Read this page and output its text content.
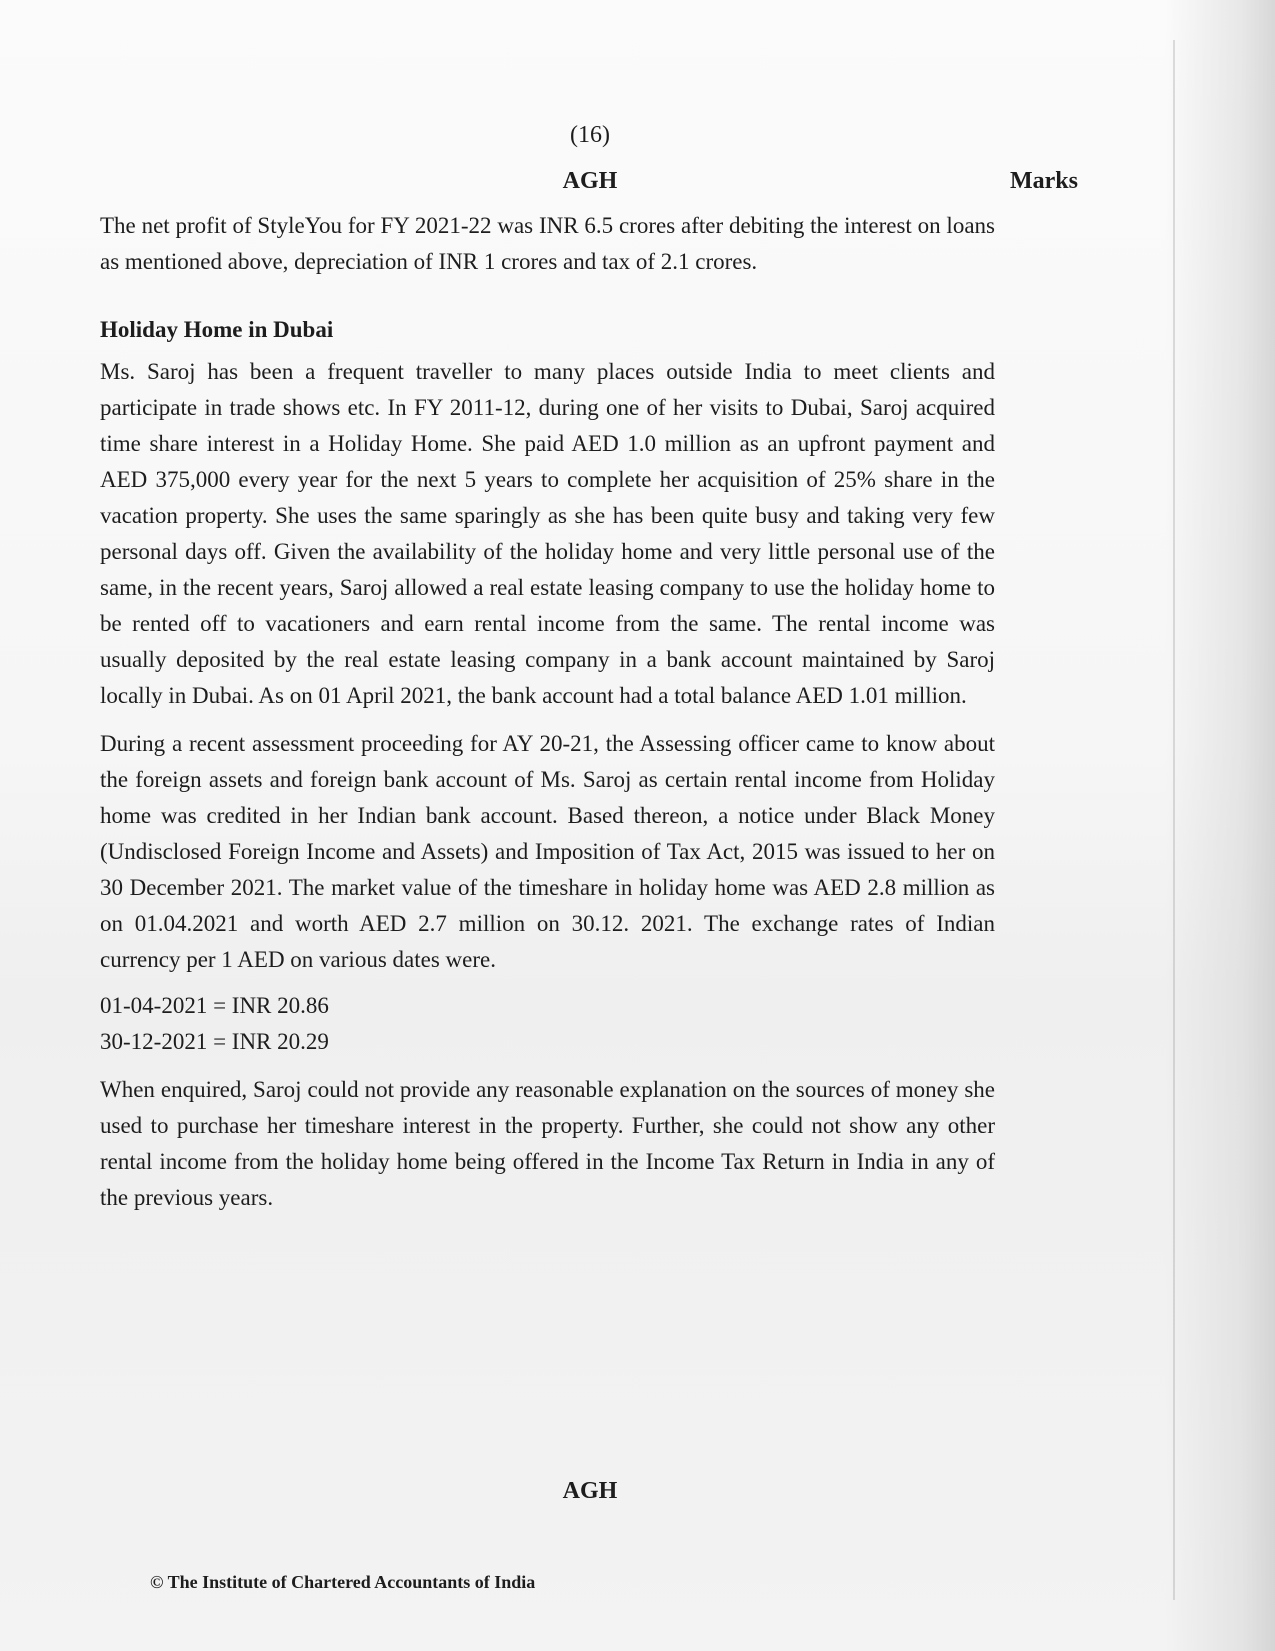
(16)
AGH	Marks

The net profit of StyleYou for FY 2021-22 was INR 6.5 crores after debiting the interest on loans as mentioned above, depreciation of INR 1 crores and tax of 2.1 crores.

Holiday Home in Dubai

Ms. Saroj has been a frequent traveller to many places outside India to meet clients and participate in trade shows etc. In FY 2011-12, during one of her visits to Dubai, Saroj acquired time share interest in a Holiday Home. She paid AED 1.0 million as an upfront payment and AED 375,000 every year for the next 5 years to complete her acquisition of 25% share in the vacation property. She uses the same sparingly as she has been quite busy and taking very few personal days off. Given the availability of the holiday home and very little personal use of the same, in the recent years, Saroj allowed a real estate leasing company to use the holiday home to be rented off to vacationers and earn rental income from the same. The rental income was usually deposited by the real estate leasing company in a bank account maintained by Saroj locally in Dubai. As on 01 April 2021, the bank account had a total balance AED 1.01 million.

During a recent assessment proceeding for AY 20-21, the Assessing officer came to know about the foreign assets and foreign bank account of Ms. Saroj as certain rental income from Holiday home was credited in her Indian bank account. Based thereon, a notice under Black Money (Undisclosed Foreign Income and Assets) and Imposition of Tax Act, 2015 was issued to her on 30 December 2021. The market value of the timeshare in holiday home was AED 2.8 million as on 01.04.2021 and worth AED 2.7 million on 30.12. 2021. The exchange rates of Indian currency per 1 AED on various dates were.

01-04-2021 = INR 20.86

30-12-2021 = INR 20.29

When enquired, Saroj could not provide any reasonable explanation on the sources of money she used to purchase her timeshare interest in the property. Further, she could not show any other rental income from the holiday home being offered in the Income Tax Return in India in any of the previous years.

AGH
© The Institute of Chartered Accountants of India
